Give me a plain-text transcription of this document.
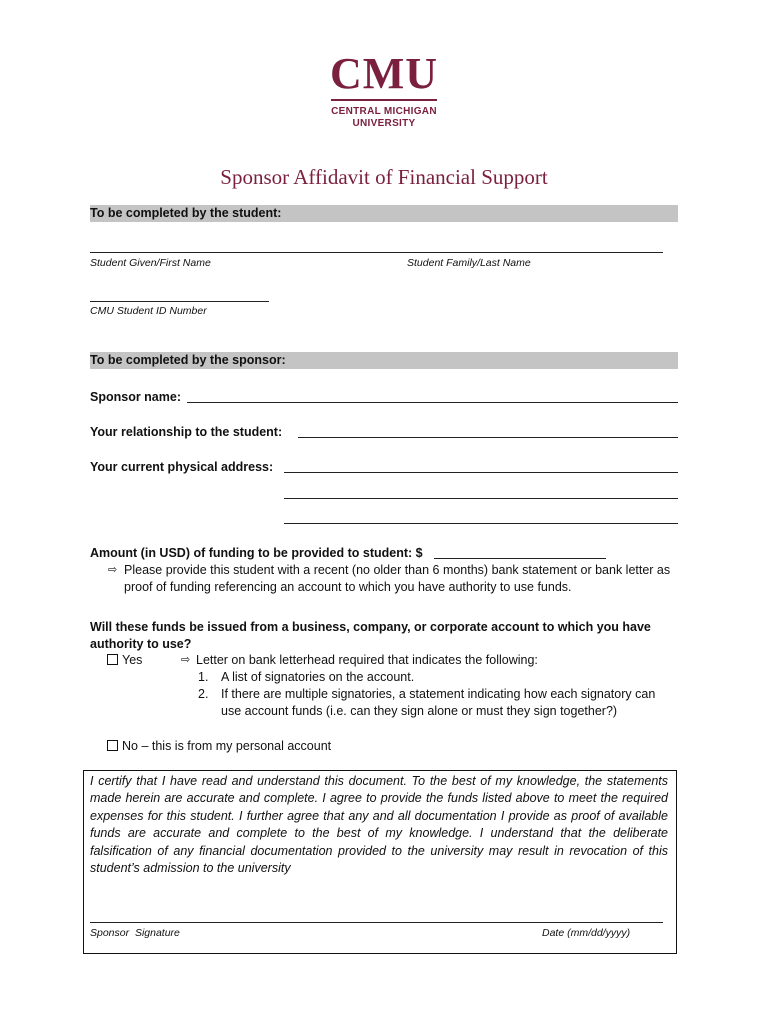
CMU
CENTRAL MICHIGAN
UNIVERSITY
Sponsor Affidavit of Financial Support
To be completed by the student:
Student Given/First Name	Student Family/Last Name
CMU Student ID Number
To be completed by the sponsor:
Sponsor name:
Your relationship to the student:
Your current physical address:
Amount (in USD) of funding to be provided to student: $
⇨ Please provide this student with a recent (no older than 6 months) bank statement or bank letter as proof of funding referencing an account to which you have authority to use funds.
Will these funds be issued from a business, company, or corporate account to which you have authority to use?
Yes	⇨ Letter on bank letterhead required that indicates the following:
1. A list of signatories on the account.
2. If there are multiple signatories, a statement indicating how each signatory can use account funds (i.e. can they sign alone or must they sign together?)
No – this is from my personal account
I certify that I have read and understand this document. To the best of my knowledge, the statements made herein are accurate and complete. I agree to provide the funds listed above to meet the required expenses for this student. I further agree that any and all documentation I provide as proof of available funds are accurate and complete to the best of my knowledge. I understand that the deliberate falsification of any financial documentation provided to the university may result in revocation of this student’s admission to the university
Sponsor  Signature	Date (mm/dd/yyyy)
